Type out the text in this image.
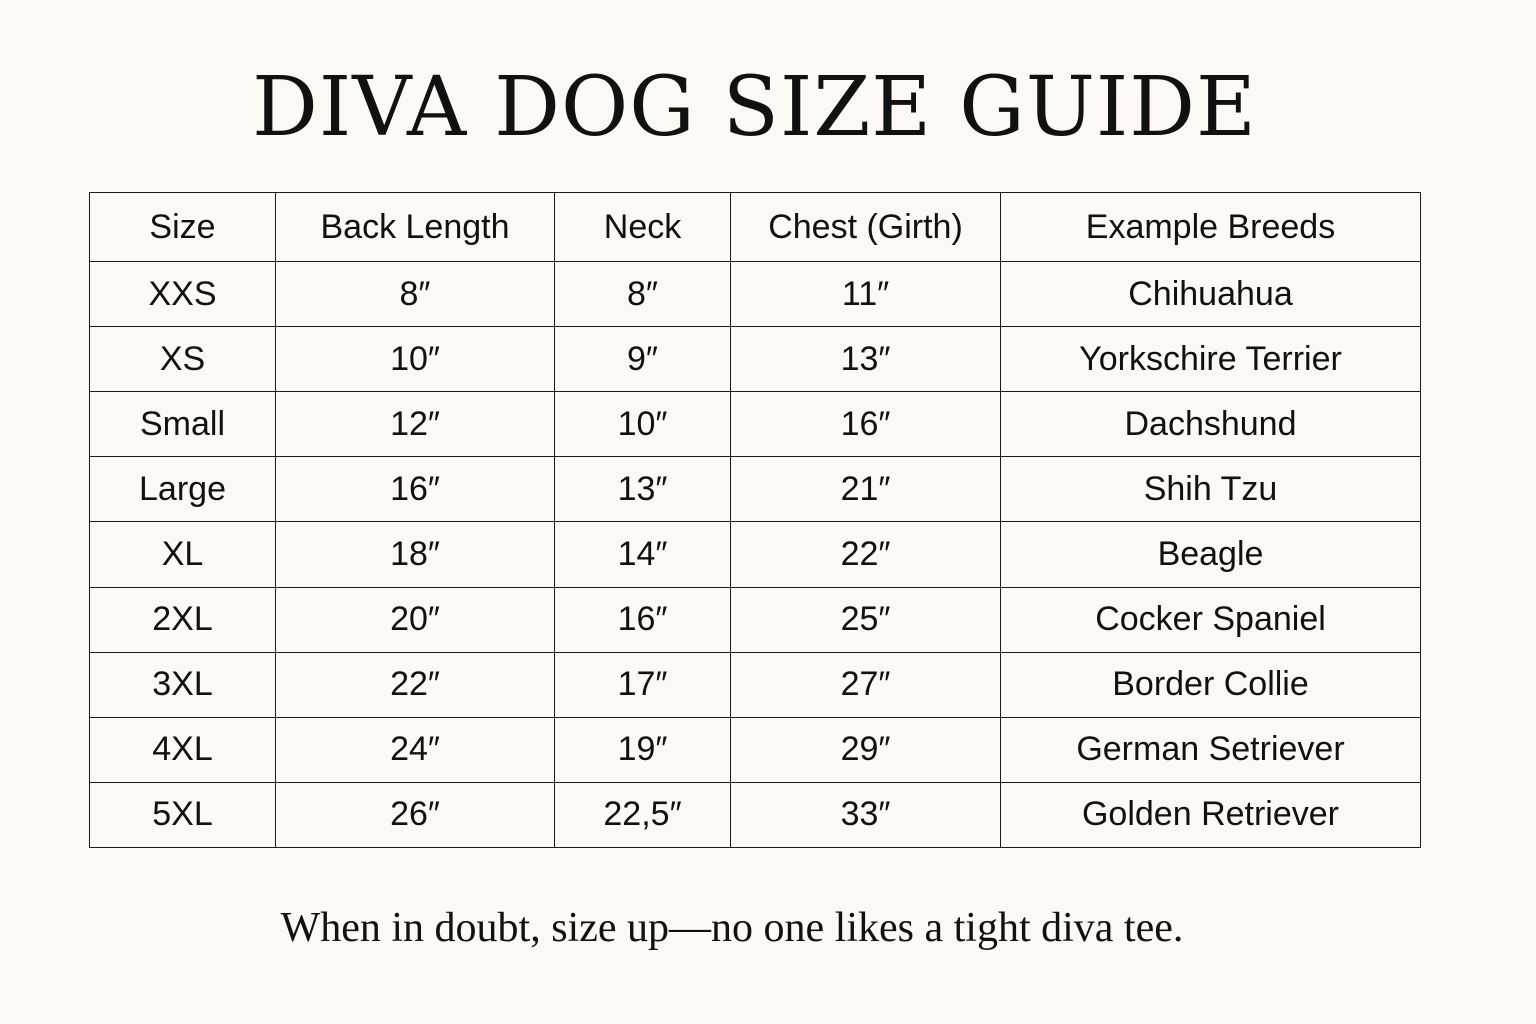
DIVA DOG SIZE GUIDE
Size	Back Length	Neck	Chest (Girth)	Example Breeds
XXS	8″	8″	11″	Chihuahua
XS	10″	9″	13″	Yorkschire Terrier
Small	12″	10″	16″	Dachshund
Large	16″	13″	21″	Shih Tzu
XL	18″	14″	22″	Beagle
2XL	20″	16″	25″	Cocker Spaniel
3XL	22″	17″	27″	Border Collie
4XL	24″	19″	29″	German Setriever
5XL	26″	22,5″	33″	Golden Retriever

When in doubt, size up—no one likes a tight diva tee.
